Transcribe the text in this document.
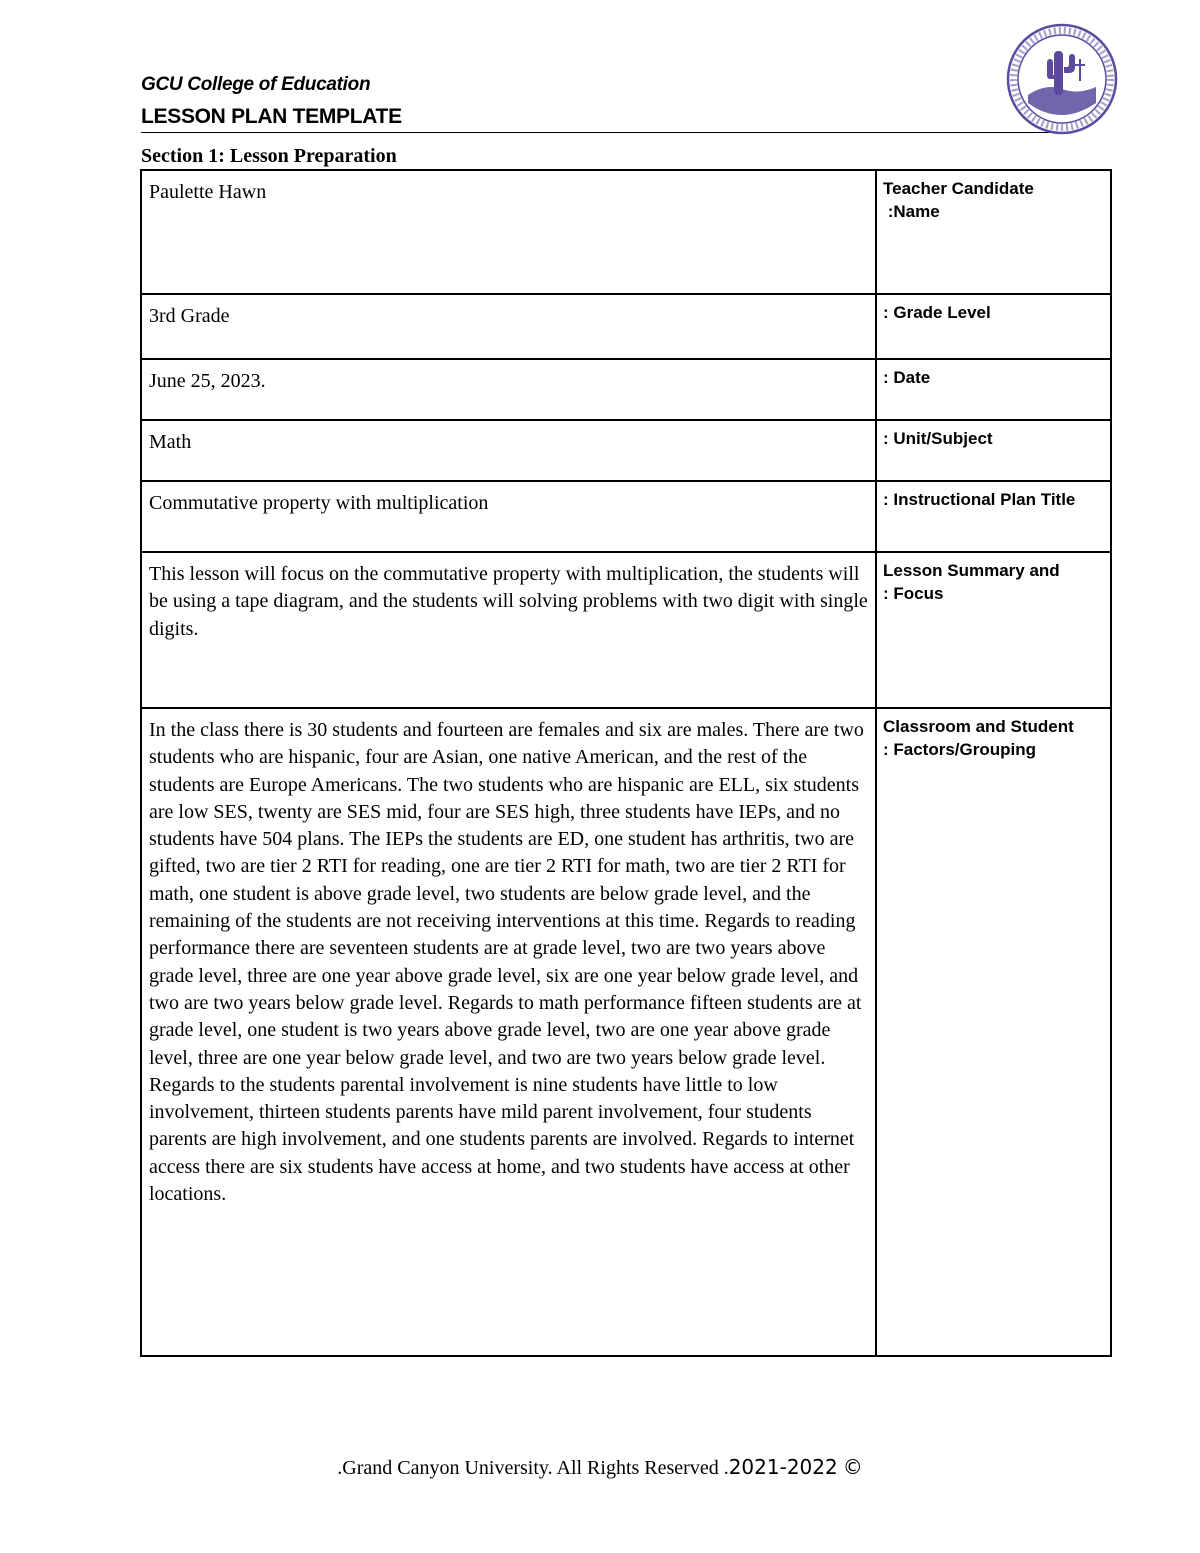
GCU College of Education
LESSON PLAN TEMPLATE
Section 1: Lesson Preparation
Paulette Hawn	Teacher Candidate
:Name
3rd Grade	: Grade Level
June 25, 2023.	: Date
Math	: Unit/Subject
Commutative property with multiplication	: Instructional Plan Title
This lesson will focus on the commutative property with multiplication, the students will be using a tape diagram, and the students will solving problems with two digit with single digits.	Lesson Summary and
: Focus
In the class there is 30 students and fourteen are females and six are males. There are two students who are hispanic, four are Asian, one native American, and the rest of the students are Europe Americans. The two students who are hispanic are ELL, six students are low SES, twenty are SES mid, four are SES high, three students have IEPs, and no students have 504 plans. The IEPs the students are ED, one student has arthritis, two are gifted, two are tier 2 RTI for reading, one are tier 2 RTI for math, two are tier 2 RTI for math, one student is above grade level, two students are below grade level, and the remaining of the students are not receiving interventions at this time. Regards to reading performance there are seventeen students are at grade level, two are two years above grade level, three are one year above grade level, six are one year below grade level, and two are two years below grade level. Regards to math performance fifteen students are at grade level, one student is two years above grade level, two are one year above grade level, three are one year below grade level, and two are two years below grade level. Regards to the students parental involvement is nine students have little to low involvement, thirteen students parents have mild parent involvement, four students parents are high involvement, and one students parents are involved. Regards to internet access there are six students have access at home, and two students have access at other locations.	Classroom and Student
: Factors/Grouping
.Grand Canyon University. All Rights Reserved .2021-2022 ©
